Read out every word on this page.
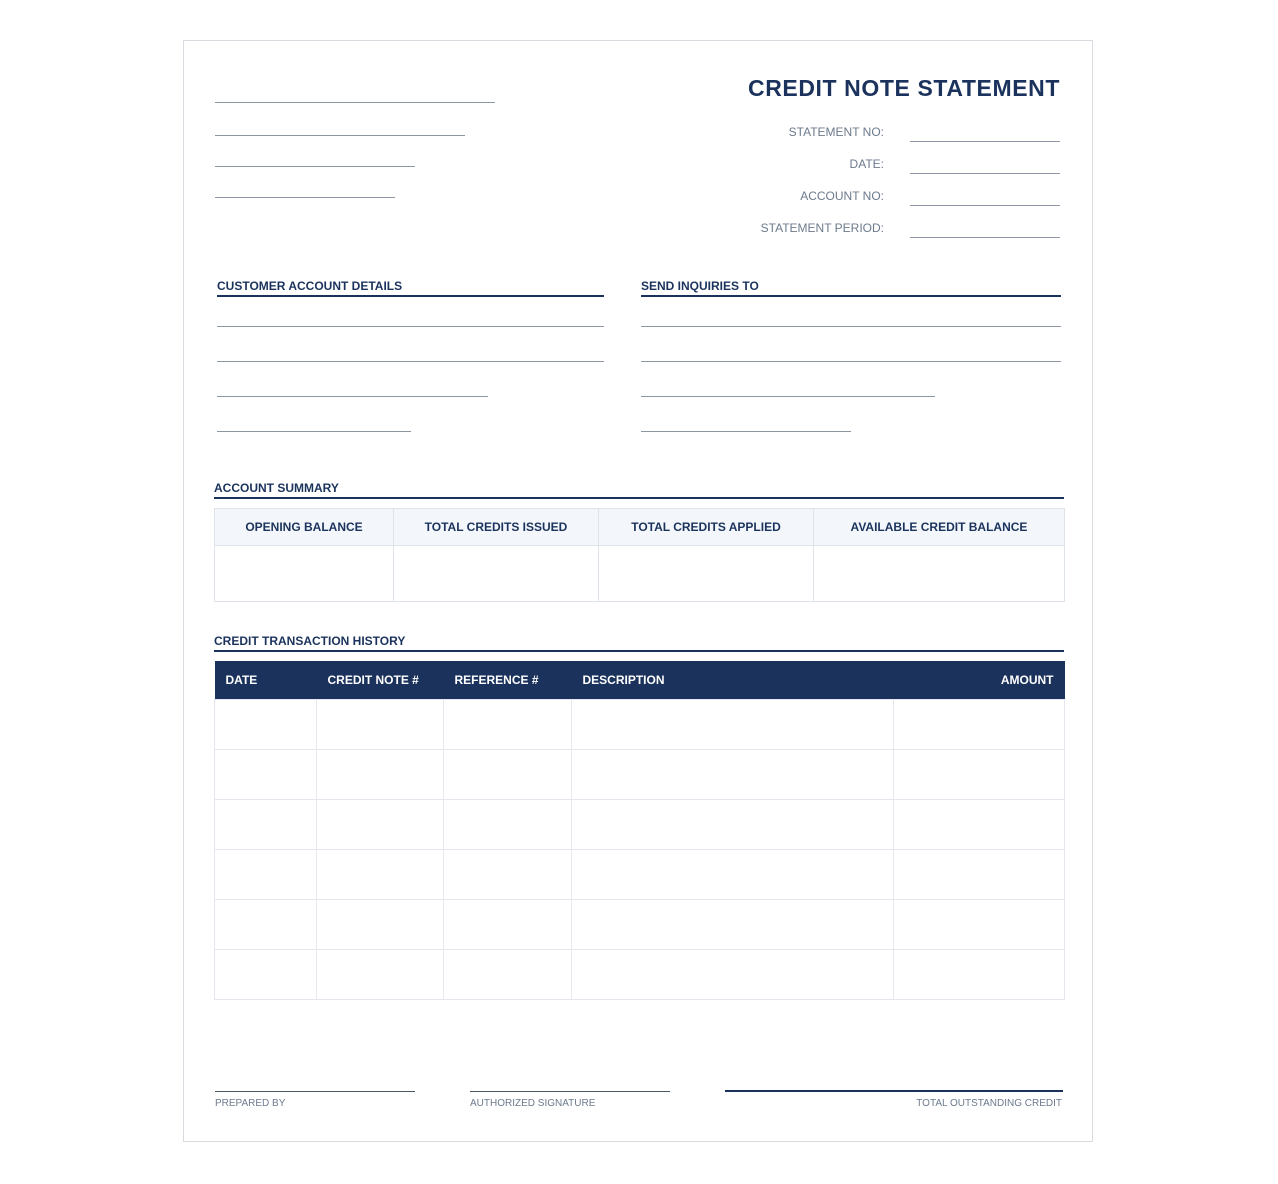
CREDIT NOTE STATEMENT
STATEMENT NO:
DATE:
ACCOUNT NO:
STATEMENT PERIOD:
CUSTOMER ACCOUNT DETAILS	SEND INQUIRIES TO
ACCOUNT SUMMARY
OPENING BALANCE	TOTAL CREDITS ISSUED	TOTAL CREDITS APPLIED	AVAILABLE CREDIT BALANCE

CREDIT TRANSACTION HISTORY
DATE	CREDIT NOTE #	REFERENCE #	DESCRIPTION	AMOUNT

PREPARED BY	AUTHORIZED SIGNATURE	TOTAL OUTSTANDING CREDIT
